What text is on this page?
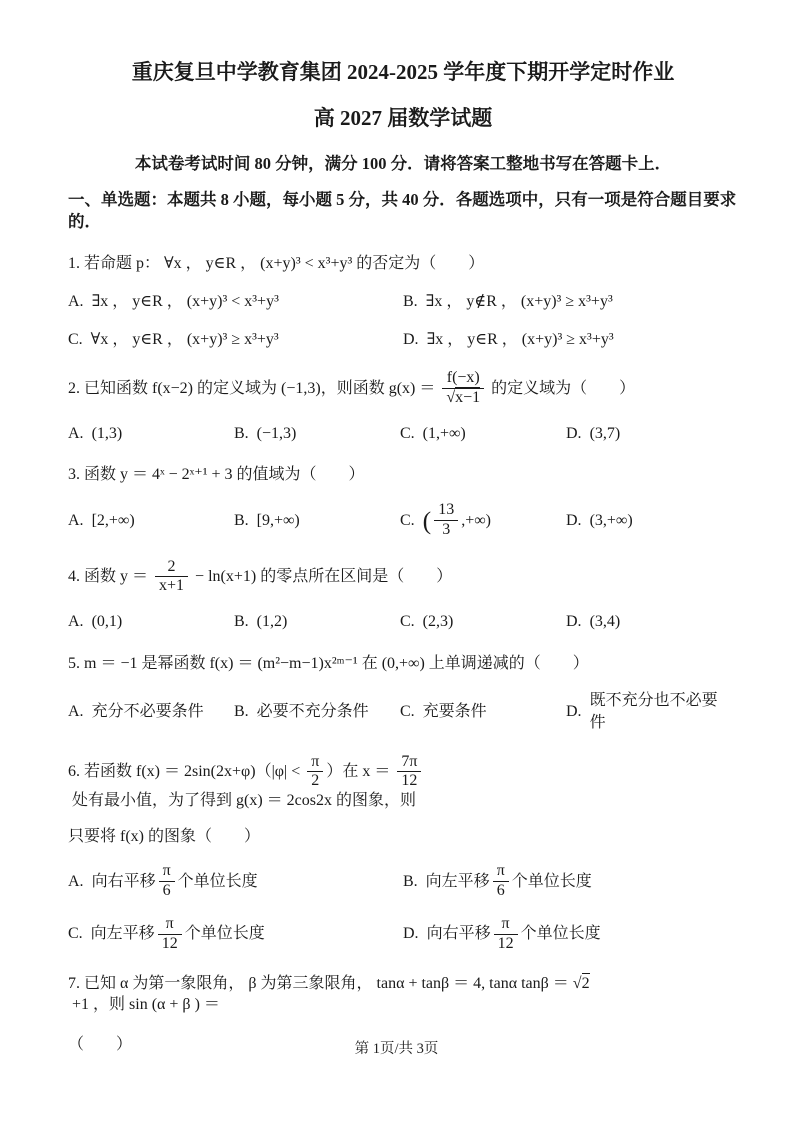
重庆复旦中学教育集团 2024-2025 学年度下期开学定时作业
高 2027 届数学试题
本试卷考试时间 80 分钟，满分 100 分．请将答案工整地书写在答题卡上．
一、单选题：本题共 8 小题，每小题 5 分，共 40 分．各题选项中，只有一项是符合题目要求的．
1. 若命题 p： ∀x ， y∈R ， (x+y)³ < x³+y³ 的否定为（　　）
A. ∃x ， y∈R ， (x+y)³ < x³+y³	B. ∃x ， y∉R ， (x+y)³ ≥ x³+y³
C. ∀x ， y∈R ， (x+y)³ ≥ x³+y³	D. ∃x ， y∈R ， (x+y)³ ≥ x³+y³
2. 已知函数 f(x−2) 的定义域为 (−1,3)，则函数 $g(x) = \frac{f(-x)}{√x-1}$ 的定义域为（　　）
A. (1,3)	B. (−1,3)	C. (1,+∞)	D. (3,7)
3. 函数 y ＝ 4ˣ − 2ˣ⁺¹ + 3 的值域为（　　）
A. [2,+∞)	B. [9,+∞)	C. ( $\frac{13}{3}$ ,+∞)	D. (3,+∞)
4. 函数 $y = \frac{2}{x+1} - \ln(x+1)$ 的零点所在区间是（　　）
A. (0,1)	B. (1,2)	C. (2,3)	D. (3,4)
5. m ＝ −1 是幂函数 f(x) ＝ (m²−m−1)x²ᵐ⁻¹ 在 (0,+∞) 上单调递减的（　　）
A. 充分不必要条件 B. 必要不充分条件 C. 充要条件	D.
既不充分也不必要件
6. 若函数 $f(x) = 2\sin(2x+\varphi)(|\varphi| < \frac{\pi}{2}$ ）在 $x = \frac{7\pi}{12}$
处有最小值，为了得到 g(x) ＝ 2cos2x 的图象，则
只要将 f(x) 的图象（　　）
A. 向右平移 $\frac{\pi}{6}$ 个单位长度	B. 向左平移 $\frac{\pi}{6}$ 个单位长度
C. 向左平移 $\frac{\pi}{12}$ 个单位长度	D. 向右平移 $\frac{\pi}{12}$ 个单位长度
7. 已知 α 为第一象限角， β 为第三象限角， tanα + tanβ ＝ 4, tanα tanβ ＝ √2
+1 ，则 sin (α + β ) ＝
（　　）	第 1页/共 3页
